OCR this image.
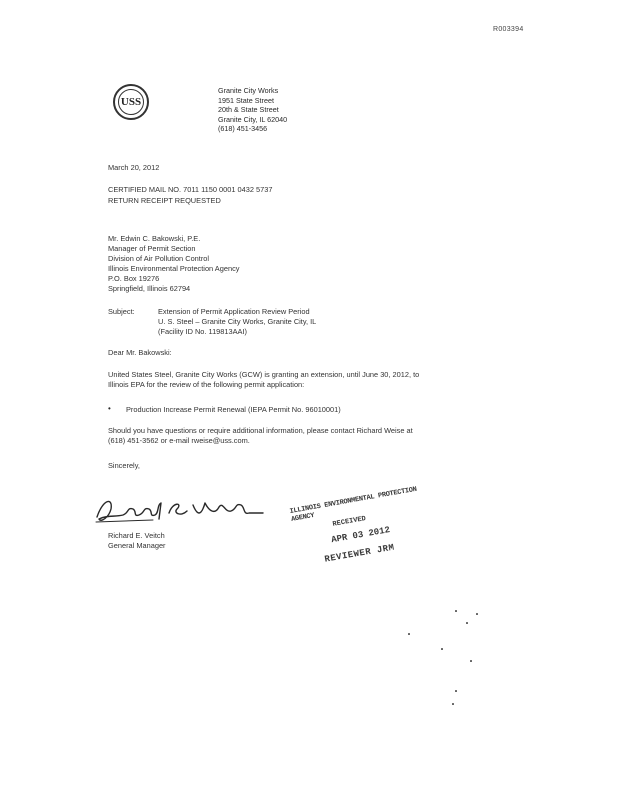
R003394
USS
Granite City Works
1951 State Street
20th & State Street
Granite City, IL 62040
(618) 451-3456
March 20, 2012
CERTIFIED MAIL NO. 7011 1150 0001 0432 5737
RETURN RECEIPT REQUESTED
Mr. Edwin C. Bakowski, P.E.
Manager of Permit Section
Division of Air Pollution Control
Illinois Environmental Protection Agency
P.O. Box 19276
Springfield, Illinois 62794
Subject:	Extension of Permit Application Review Period
U. S. Steel – Granite City Works, Granite City, IL
(Facility ID No. 119813AAI)
Dear Mr. Bakowski:
United States Steel, Granite City Works (GCW) is granting an extension, until June 30, 2012, to
Illinois EPA for the review of the following permit application:
• Production Increase Permit Renewal (IEPA Permit No. 96010001)
Should you have questions or require additional information, please contact Richard Weise at
(618) 451-3562 or e-mail rweise@uss.com.
Sincerely,
Richard E. Veitch
General Manager
ILLINOIS ENVIRONMENTAL PROTECTION AGENCY	RECEIVED
APR 03 2012
REVIEWER JRM
